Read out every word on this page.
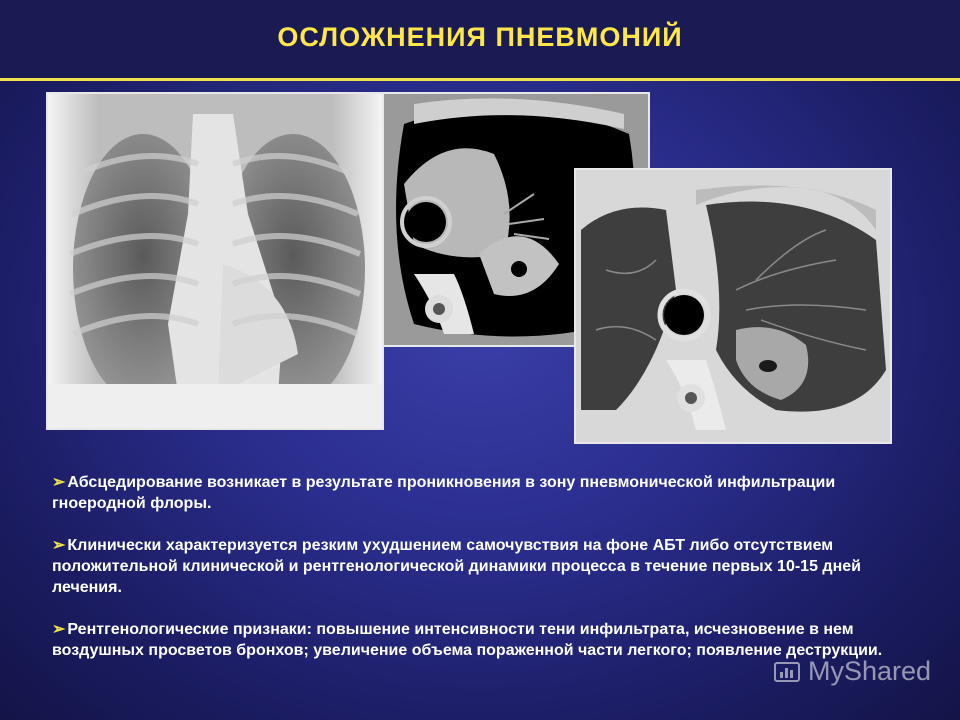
ОСЛОЖНЕНИЯ ПНЕВМОНИЙ
➢ Абсцедирование возникает в результате проникновения в зону пневмонической инфильтрации гноеродной флоры.
➢ Клинически характеризуется резким ухудшением самочувствия на фоне АБТ либо отсутствием положительной клинической и рентгенологической динамики процесса в течение первых 10-15 дней лечения.
➢ Рентгенологические признаки: повышение интенсивности тени инфильтрата, исчезновение в нем воздушных просветов бронхов; увеличение объема пораженной части легкого; появление деструкции.
MyShared
